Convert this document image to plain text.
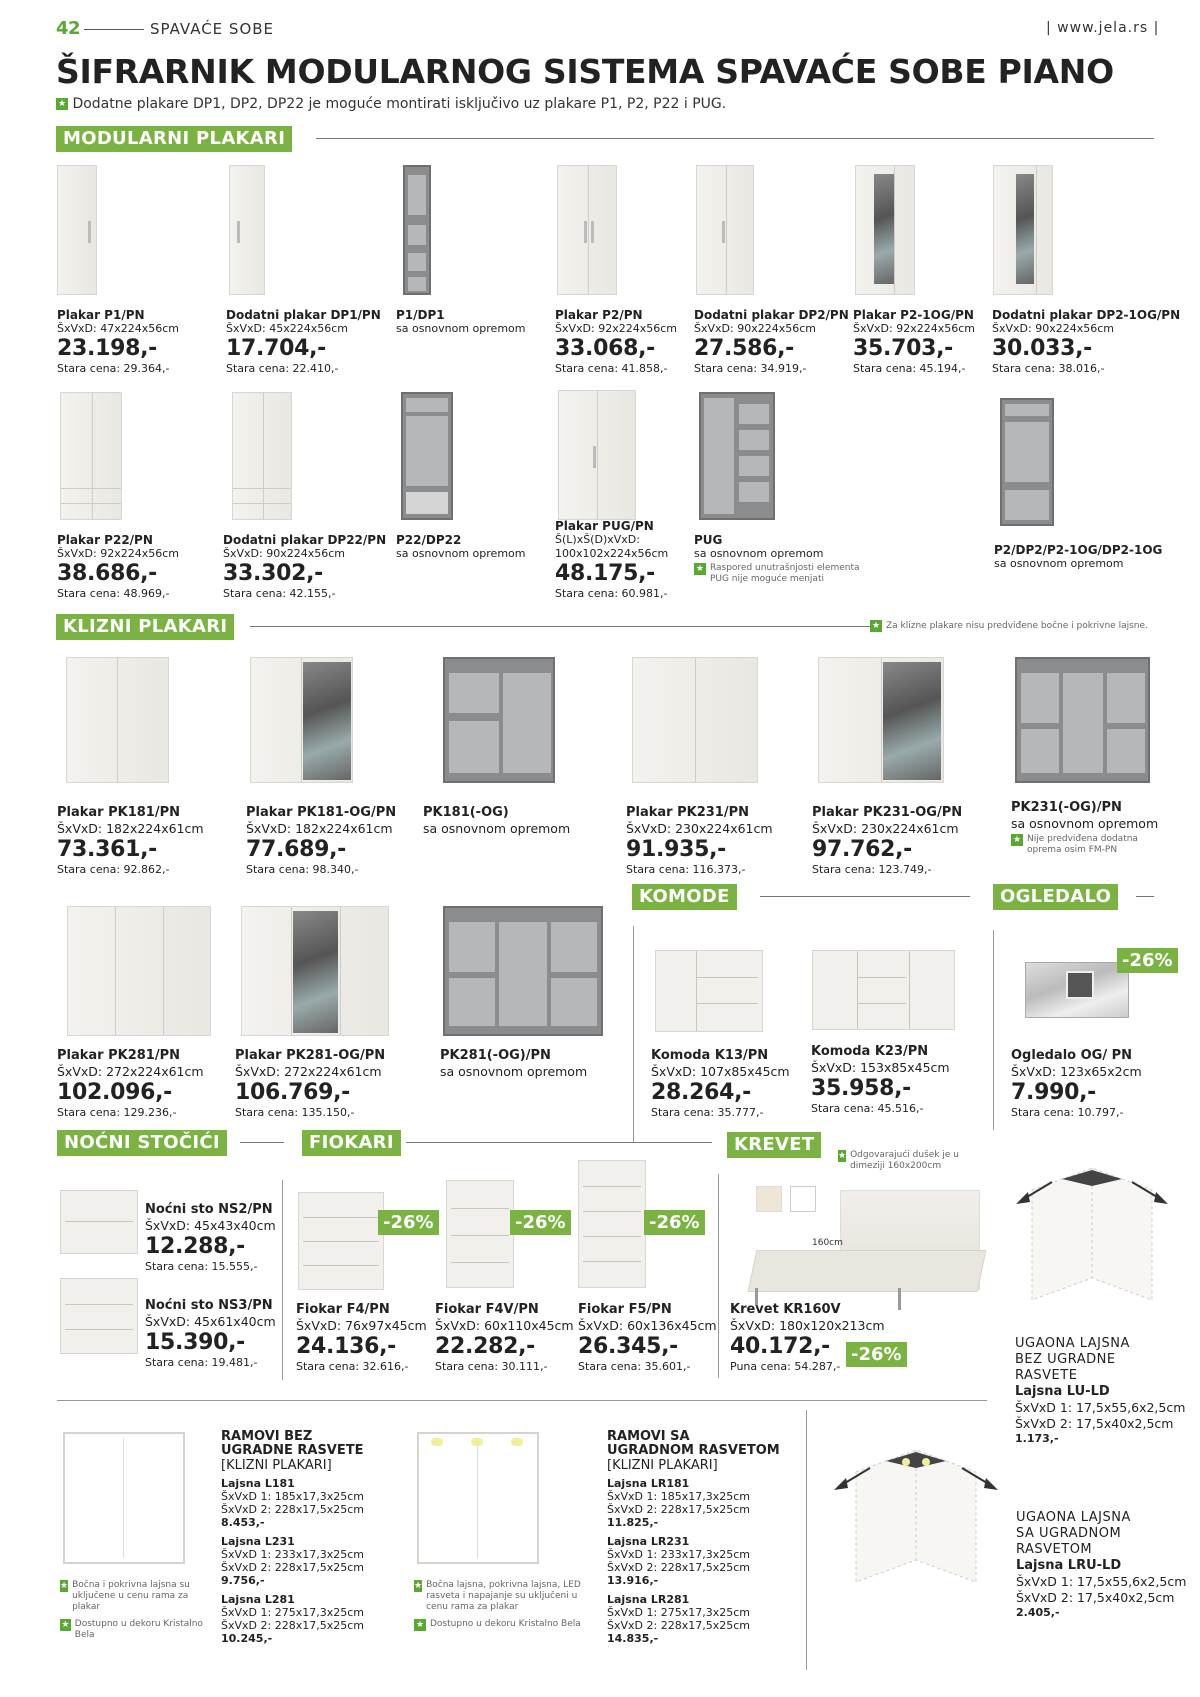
42	SPAVAĆE SOBE	| www.jela.rs |
ŠIFRARNIK MODULARNOG SISTEMA SPAVAĆE SOBE PIANO
★ Dodatne plakare DP1, DP2, DP22 je moguće montirati isključivo uz plakare P1, P2, P22 i PUG.
MODULARNI PLAKARI
Plakar P1/PN
ŠxVxD: 47x224x56cm
23.198,-
Stara cena: 29.364,-
Dodatni plakar DP1/PN
ŠxVxD: 45x224x56cm
17.704,-
Stara cena: 22.410,-
P1/DP1
sa osnovnom opremom
Plakar P2/PN
ŠxVxD: 92x224x56cm
33.068,-
Stara cena: 41.858,-
Dodatni plakar DP2/PN
ŠxVxD: 90x224x56cm
27.586,-
Stara cena: 34.919,-
Plakar P2-1OG/PN
ŠxVxD: 92x224x56cm
35.703,-
Stara cena: 45.194,-
Dodatni plakar DP2-1OG/PN
ŠxVxD: 90x224x56cm
30.033,-
Stara cena: 38.016,-
Plakar P22/PN
ŠxVxD: 92x224x56cm
38.686,-
Stara cena: 48.969,-
Dodatni plakar DP22/PN
ŠxVxD: 90x224x56cm
33.302,-
Stara cena: 42.155,-
P22/DP22
sa osnovnom opremom
Plakar PUG/PN
Š(L)xŠ(D)xVxD:
100x102x224x56cm
48.175,-
Stara cena: 60.981,-
PUG
sa osnovnom opremom
★ Raspored unutrašnjosti elementa PUG nije moguće menjati
P2/DP2/P2-1OG/DP2-1OG
sa osnovnom opremom
KLIZNI PLAKARI	★ Za klizne plakare nisu predviđene bočne i pokrivne lajsne.
Plakar PK181/PN
ŠxVxD: 182x224x61cm
73.361,-
Stara cena: 92.862,-
Plakar PK181-OG/PN
ŠxVxD: 182x224x61cm
77.689,-
Stara cena: 98.340,-
PK181(-OG)
sa osnovnom opremom
Plakar PK231/PN
ŠxVxD: 230x224x61cm
91.935,-
Stara cena: 116.373,-
Plakar PK231-OG/PN
ŠxVxD: 230x224x61cm
97.762,-
Stara cena: 123.749,-
PK231(-OG)/PN
sa osnovnom opremom
★ Nije predviđena dodatna oprema osim FM-PN
KOMODE	OGLEDALO
-26%
Plakar PK281/PN
ŠxVxD: 272x224x61cm
102.096,-
Stara cena: 129.236,-
Plakar PK281-OG/PN
ŠxVxD: 272x224x61cm
106.769,-
Stara cena: 135.150,-
PK281(-OG)/PN
sa osnovnom opremom
Komoda K13/PN
ŠxVxD: 107x85x45cm
28.264,-
Stara cena: 35.777,-
Komoda K23/PN
ŠxVxD: 153x85x45cm
35.958,-
Stara cena: 45.516,-
Ogledalo OG/ PN
ŠxVxD: 123x65x2cm
7.990,-
Stara cena: 10.797,-
NOĆNI STOČIĆI	FIOKARI	KREVET
★ Odgovarajući dušek je u dimeziji 160x200cm
Noćni sto NS2/PN
ŠxVxD: 45x43x40cm
12.288,-
Stara cena: 15.555,-
Noćni sto NS3/PN
ŠxVxD: 45x61x40cm
15.390,-
Stara cena: 19.481,-
-26%	-26%	-26%
Fiokar F4/PN
ŠxVxD: 76x97x45cm
24.136,-
Stara cena: 32.616,-
Fiokar F4V/PN
ŠxVxD: 60x110x45cm
22.282,-
Stara cena: 30.111,-
Fiokar F5/PN
ŠxVxD: 60x136x45cm
26.345,-
Stara cena: 35.601,-
160cm
Krevet KR160V
ŠxVxD: 180x120x213cm
40.172,-
Puna cena: 54.287,-
-26%
UGAONA LAJSNA
BEZ UGRADNE
RASVETE
Lajsna LU-LD
ŠxVxD 1: 17,5x55,6x2,5cm
ŠxVxD 2: 17,5x40x2,5cm
1.173,-
★ Bočna i pokrivna lajsna su uključene u cenu rama za plakar
★ Dostupno u dekoru Kristalno Bela
RAMOVI BEZ
UGRADNE RASVETE
[KLIZNI PLAKARI]
Lajsna L181
ŠxVxD 1: 185x17,3x25cm
ŠxVxD 2: 228x17,5x25cm
8.453,-
Lajsna L231
ŠxVxD 1: 233x17,3x25cm
ŠxVxD 2: 228x17,5x25cm
9.756,-
Lajsna L281
ŠxVxD 1: 275x17,3x25cm
ŠxVxD 2: 228x17,5x25cm
10.245,-
★ Bočna lajsna, pokrivna lajsna, LED rasveta i napajanje su uključeni u cenu rama za plakar
★ Dostupno u dekoru Kristalno Bela
RAMOVI SA
UGRADNOM RASVETOM
[KLIZNI PLAKARI]
Lajsna LR181
ŠxVxD 1: 185x17,3x25cm
ŠxVxD 2: 228x17,5x25cm
11.825,-
Lajsna LR231
ŠxVxD 1: 233x17,3x25cm
ŠxVxD 2: 228x17,5x25cm
13.916,-
Lajsna LR281
ŠxVxD 1: 275x17,3x25cm
ŠxVxD 2: 228x17,5x25cm
14.835,-
UGAONA LAJSNA
SA UGRADNOM
RASVETOM
Lajsna LRU-LD
ŠxVxD 1: 17,5x55,6x2,5cm
ŠxVxD 2: 17,5x40x2,5cm
2.405,-
